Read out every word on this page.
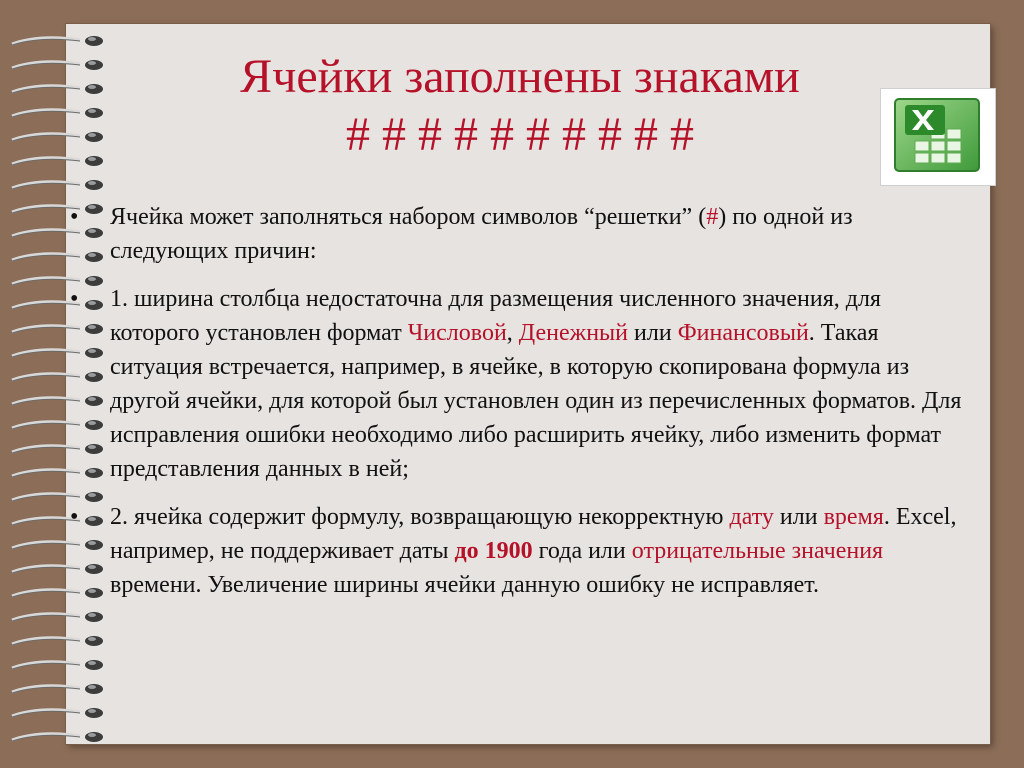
Ячейки заполнены знаками
# # # # # # # # # #
•	Ячейка может заполняться набором символов “решетки” (#) по одной из следующих причин:
•	1. ширина столбца недостаточна для размещения численного значения, для которого установлен формат Числовой, Денежный или Финансовый. Такая ситуация встречается, например, в ячейке, в которую скопирована формула из другой ячейки, для которой был установлен один из перечисленных форматов. Для исправления ошибки необходимо либо расширить ячейку, либо изменить формат представления данных в ней;
•	2. ячейка содержит формулу, возвращающую некорректную дату или время. Excel, например, не поддерживает даты до 1900 года или отрицательные значения времени. Увеличение ширины ячейки данную ошибку не исправляет.
